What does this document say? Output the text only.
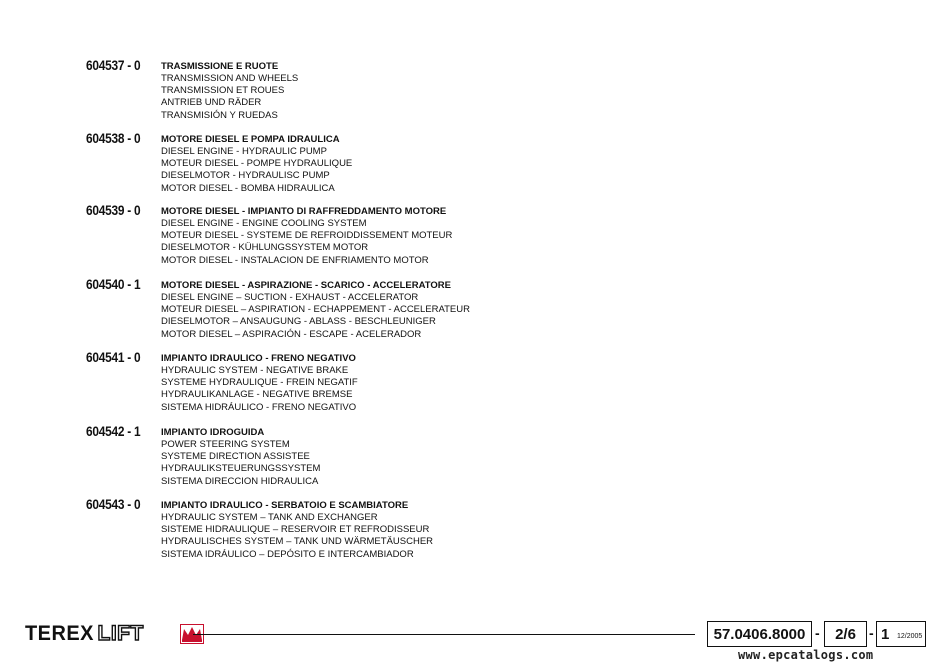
604537 - 0 TRASMISSIONE E RUOTE
TRANSMISSION AND WHEELS
TRANSMISSION ET ROUES
ANTRIEB UND RÄDER
TRANSMISIÓN Y RUEDAS
604538 - 0 MOTORE DIESEL E POMPA IDRAULICA
DIESEL ENGINE - HYDRAULIC PUMP
MOTEUR DIESEL - POMPE HYDRAULIQUE
DIESELMOTOR - HYDRAULISC PUMP
MOTOR DIESEL - BOMBA HIDRAULICA
604539 - 0 MOTORE DIESEL - IMPIANTO DI RAFFREDDAMENTO MOTORE
DIESEL ENGINE - ENGINE COOLING SYSTEM
MOTEUR DIESEL - SYSTEME DE REFROIDDISSEMENT MOTEUR
DIESELMOTOR - KÜHLUNGSSYSTEM MOTOR
MOTOR DIESEL - INSTALACION DE ENFRIAMENTO MOTOR
604540 - 1 MOTORE DIESEL - ASPIRAZIONE - SCARICO - ACCELERATORE
DIESEL ENGINE – SUCTION - EXHAUST - ACCELERATOR
MOTEUR DIESEL – ASPIRATION - ECHAPPEMENT - ACCELERATEUR
DIESELMOTOR – ANSAUGUNG - ABLASS - BESCHLEUNIGER
MOTOR DIESEL – ASPIRACIÓN - ESCAPE - ACELERADOR
604541 - 0 IMPIANTO IDRAULICO - FRENO NEGATIVO
HYDRAULIC SYSTEM - NEGATIVE BRAKE
SYSTEME HYDRAULIQUE - FREIN NEGATIF
HYDRAULIKANLAGE - NEGATIVE BREMSE
SISTEMA HIDRÁULICO - FRENO NEGATIVO
604542 - 1 IMPIANTO IDROGUIDA
POWER STEERING SYSTEM
SYSTEME DIRECTION ASSISTEE
HYDRAULIKSTEUERUNGSSYSTEM
SISTEMA DIRECCION HIDRAULICA
604543 - 0 IMPIANTO IDRAULICO - SERBATOIO E SCAMBIATORE
HYDRAULIC SYSTEM – TANK AND EXCHANGER
SISTEME HIDRAULIQUE – RESERVOIR ET REFRODISSEUR
HYDRAULISCHES SYSTEM – TANK UND WÄRMETÄUSCHER
SISTEMA IDRÁULICO – DEPÓSITO E INTERCAMBIADOR
TEREX LIFT	57.0406.8000 - 2/6 - 1 12/2005
www.epcatalogs.com
